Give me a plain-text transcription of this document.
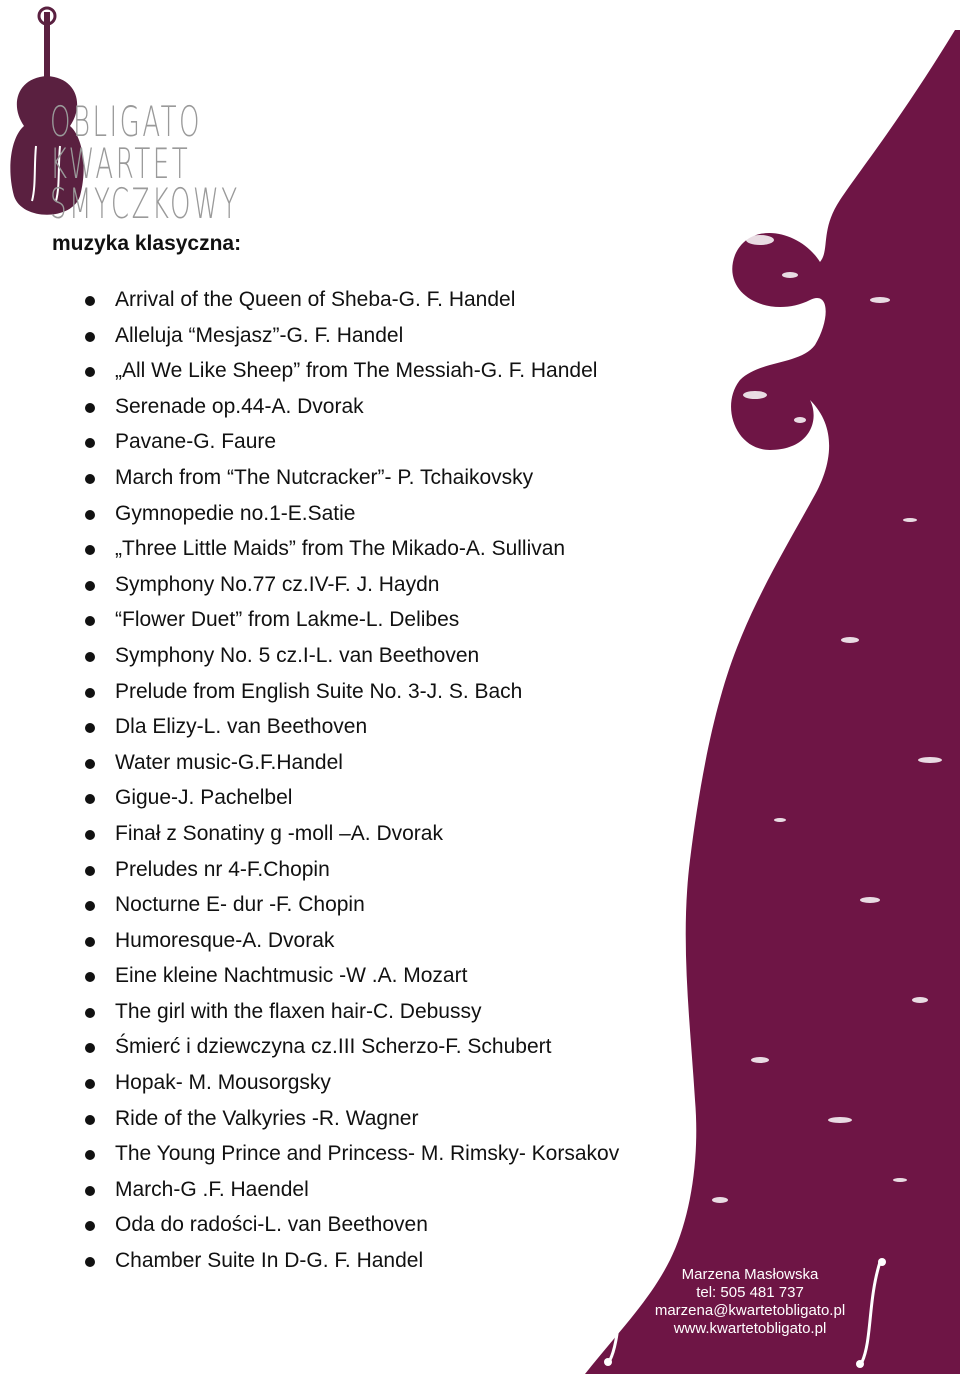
OBLIGATO
KWARTET
SMYCZKOWY
muzyka klasyczna:
Arrival of the Queen of Sheba-G. F. Handel
Alleluja “Mesjasz”-G. F. Handel
„All We Like Sheep” from The Messiah-G. F. Handel
Serenade op.44-A. Dvorak
Pavane-G. Faure
March from “The Nutcracker”- P. Tchaikovsky
Gymnopedie no.1-E.Satie
„Three Little Maids” from The Mikado-A. Sullivan
Symphony No.77 cz.IV-F. J. Haydn
“Flower Duet” from Lakme-L. Delibes
Symphony No. 5 cz.I-L. van Beethoven
Prelude from English Suite No. 3-J. S. Bach
Dla Elizy-L. van Beethoven
Water music-G.F.Handel
Gigue-J. Pachelbel
Finał z Sonatiny g -moll –A. Dvorak
Preludes nr 4-F.Chopin
Nocturne E- dur -F. Chopin
Humoresque-A. Dvorak
Eine kleine Nachtmusic -W .A. Mozart
The girl with the flaxen hair-C. Debussy
Śmierć i dziewczyna cz.III Scherzo-F. Schubert
Hopak- M. Mousorgsky
Ride of the Valkyries -R. Wagner
The Young Prince and Princess- M. Rimsky- Korsakov
March-G .F. Haendel
Oda do radości-L. van Beethoven
Chamber Suite In D-G. F. Handel
Marzena Masłowska
tel: 505 481 737
marzena@kwartetobligato.pl
www.kwartetobligato.pl
